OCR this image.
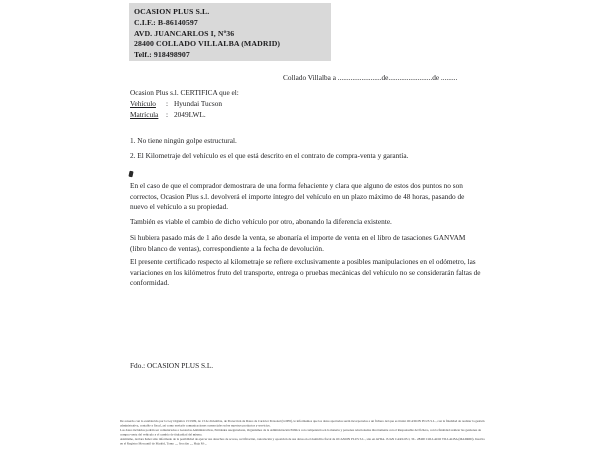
OCASION PLUS S.L.
C.I.F.: B-86140597
AVD. JUANCARLOS I, Nº36
28400 COLLADO VILLALBA (MADRID)
Telf.: 918498907
Collado Villalba a ........................de........................de .........
Ocasion Plus s.l. CERTIFICA que el:
Vehículo : Hyundai Tucson
Matrícula : 2049LWL.
1. No tiene ningún golpe estructural.
2. El Kilometraje del vehículo es el que está descrito en el contrato de compra-venta y garantía.
En el caso de que el comprador demostrara de una forma fehaciente y clara que alguno de estos dos puntos no son correctos, Ocasion Plus s.l. devolverá el importe íntegro del vehículo en un plazo máximo de 48 horas, pasando de nuevo el vehículo a su propiedad.
También es viable el cambio de dicho vehículo por otro, abonando la diferencia existente.
Si hubiera pasado más de 1 año desde la venta, se abonaría el importe de venta en el libro de tasaciones GANVAM (libro blanco de ventas), correspondiente a la fecha de devolución.
El presente certificado respecto al kilometraje se refiere exclusivamente a posibles manipulaciones en el odómetro, las variaciones en los kilómetros fruto del transporte, entrega o pruebas mecánicas del vehículo no se considerarán faltas de conformidad.
Fdo.: OCASION PLUS S.L.

De acuerdo con lo establecido por la Ley Orgánica 15/1999, de 13 de diciembre, de Protección de Datos de Carácter Personal (LOPD), le informamos que los datos aportados serán incorporados a un fichero del que es titular OCASION PLUS S.L., con la finalidad de realizar la gestión administrativa, contable y fiscal, así como enviarle comunicaciones comerciales sobre nuestros productos y servicios.

Los datos incluidos podrán ser comunicados a Gestorías Administrativas, Entidades Aseguradoras, Organismos de la Administración Pública con competencia en la materia y personas relacionadas directamente con el Responsable del fichero, con la finalidad realizar las gestiones de compra venta del vehículo y el cambio de titularidad del mismo.

Asimismo, declara haber sido informado de la posibilidad de ejercer sus derechos de acceso, rectificación, cancelación y oposición de sus datos en el domicilio fiscal de OCASION PLUS S.L., sito en AVDA. JUAN CARLOS I, 36 - 28400 COLLADO VILLALBA (MADRID). Inscrita en el Registro Mercantil de Madrid, Tomo ..., Sección ..., Hoja M-...
